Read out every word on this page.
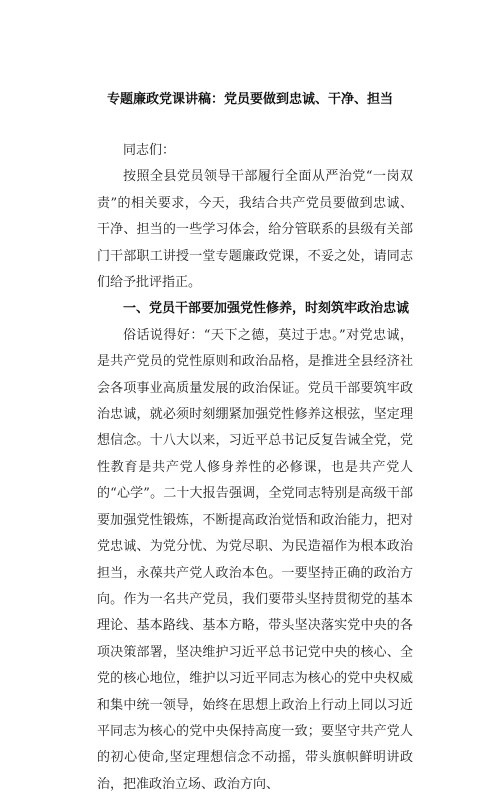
专题廉政党课讲稿：党员要做到忠诚、干净、担当

同志们：

按照全县党员领导干部履行全面从严治党“一岗双责”的相关要求，今天，我结合共产党员要做到忠诚、干净、担当的一些学习体会，给分管联系的县级有关部门干部职工讲授一堂专题廉政党课，不妥之处，请同志们给予批评指正。

一、党员干部要加强党性修养，时刻筑牢政治忠诚

俗话说得好：“天下之德，莫过于忠。”对党忠诚，是共产党员的党性原则和政治品格，是推进全县经济社会各项事业高质量发展的政治保证。党员干部要筑牢政治忠诚，就必须时刻绷紧加强党性修养这根弦，坚定理想信念。十八大以来，习近平总书记反复告诫全党，党性教育是共产党人修身养性的必修课，也是共产党人的“心学”。二十大报告强调，全党同志特别是高级干部要加强党性锻炼，不断提高政治觉悟和政治能力，把对党忠诚、为党分忧、为党尽职、为民造福作为根本政治担当，永葆共产党人政治本色。一要坚持正确的政治方向。作为一名共产党员，我们要带头坚持贯彻党的基本理论、基本路线、基本方略，带头坚决落实党中央的各项决策部署，坚决维护习近平总书记党中央的核心、全党的核心地位，维护以习近平同志为核心的党中央权威和集中统一领导，始终在思想上政治上行动上同以习近平同志为核心的党中央保持高度一致；要坚守共产党人的初心使命,坚定理想信念不动摇，带头旗帜鲜明讲政治，把准政治立场、政治方向、
